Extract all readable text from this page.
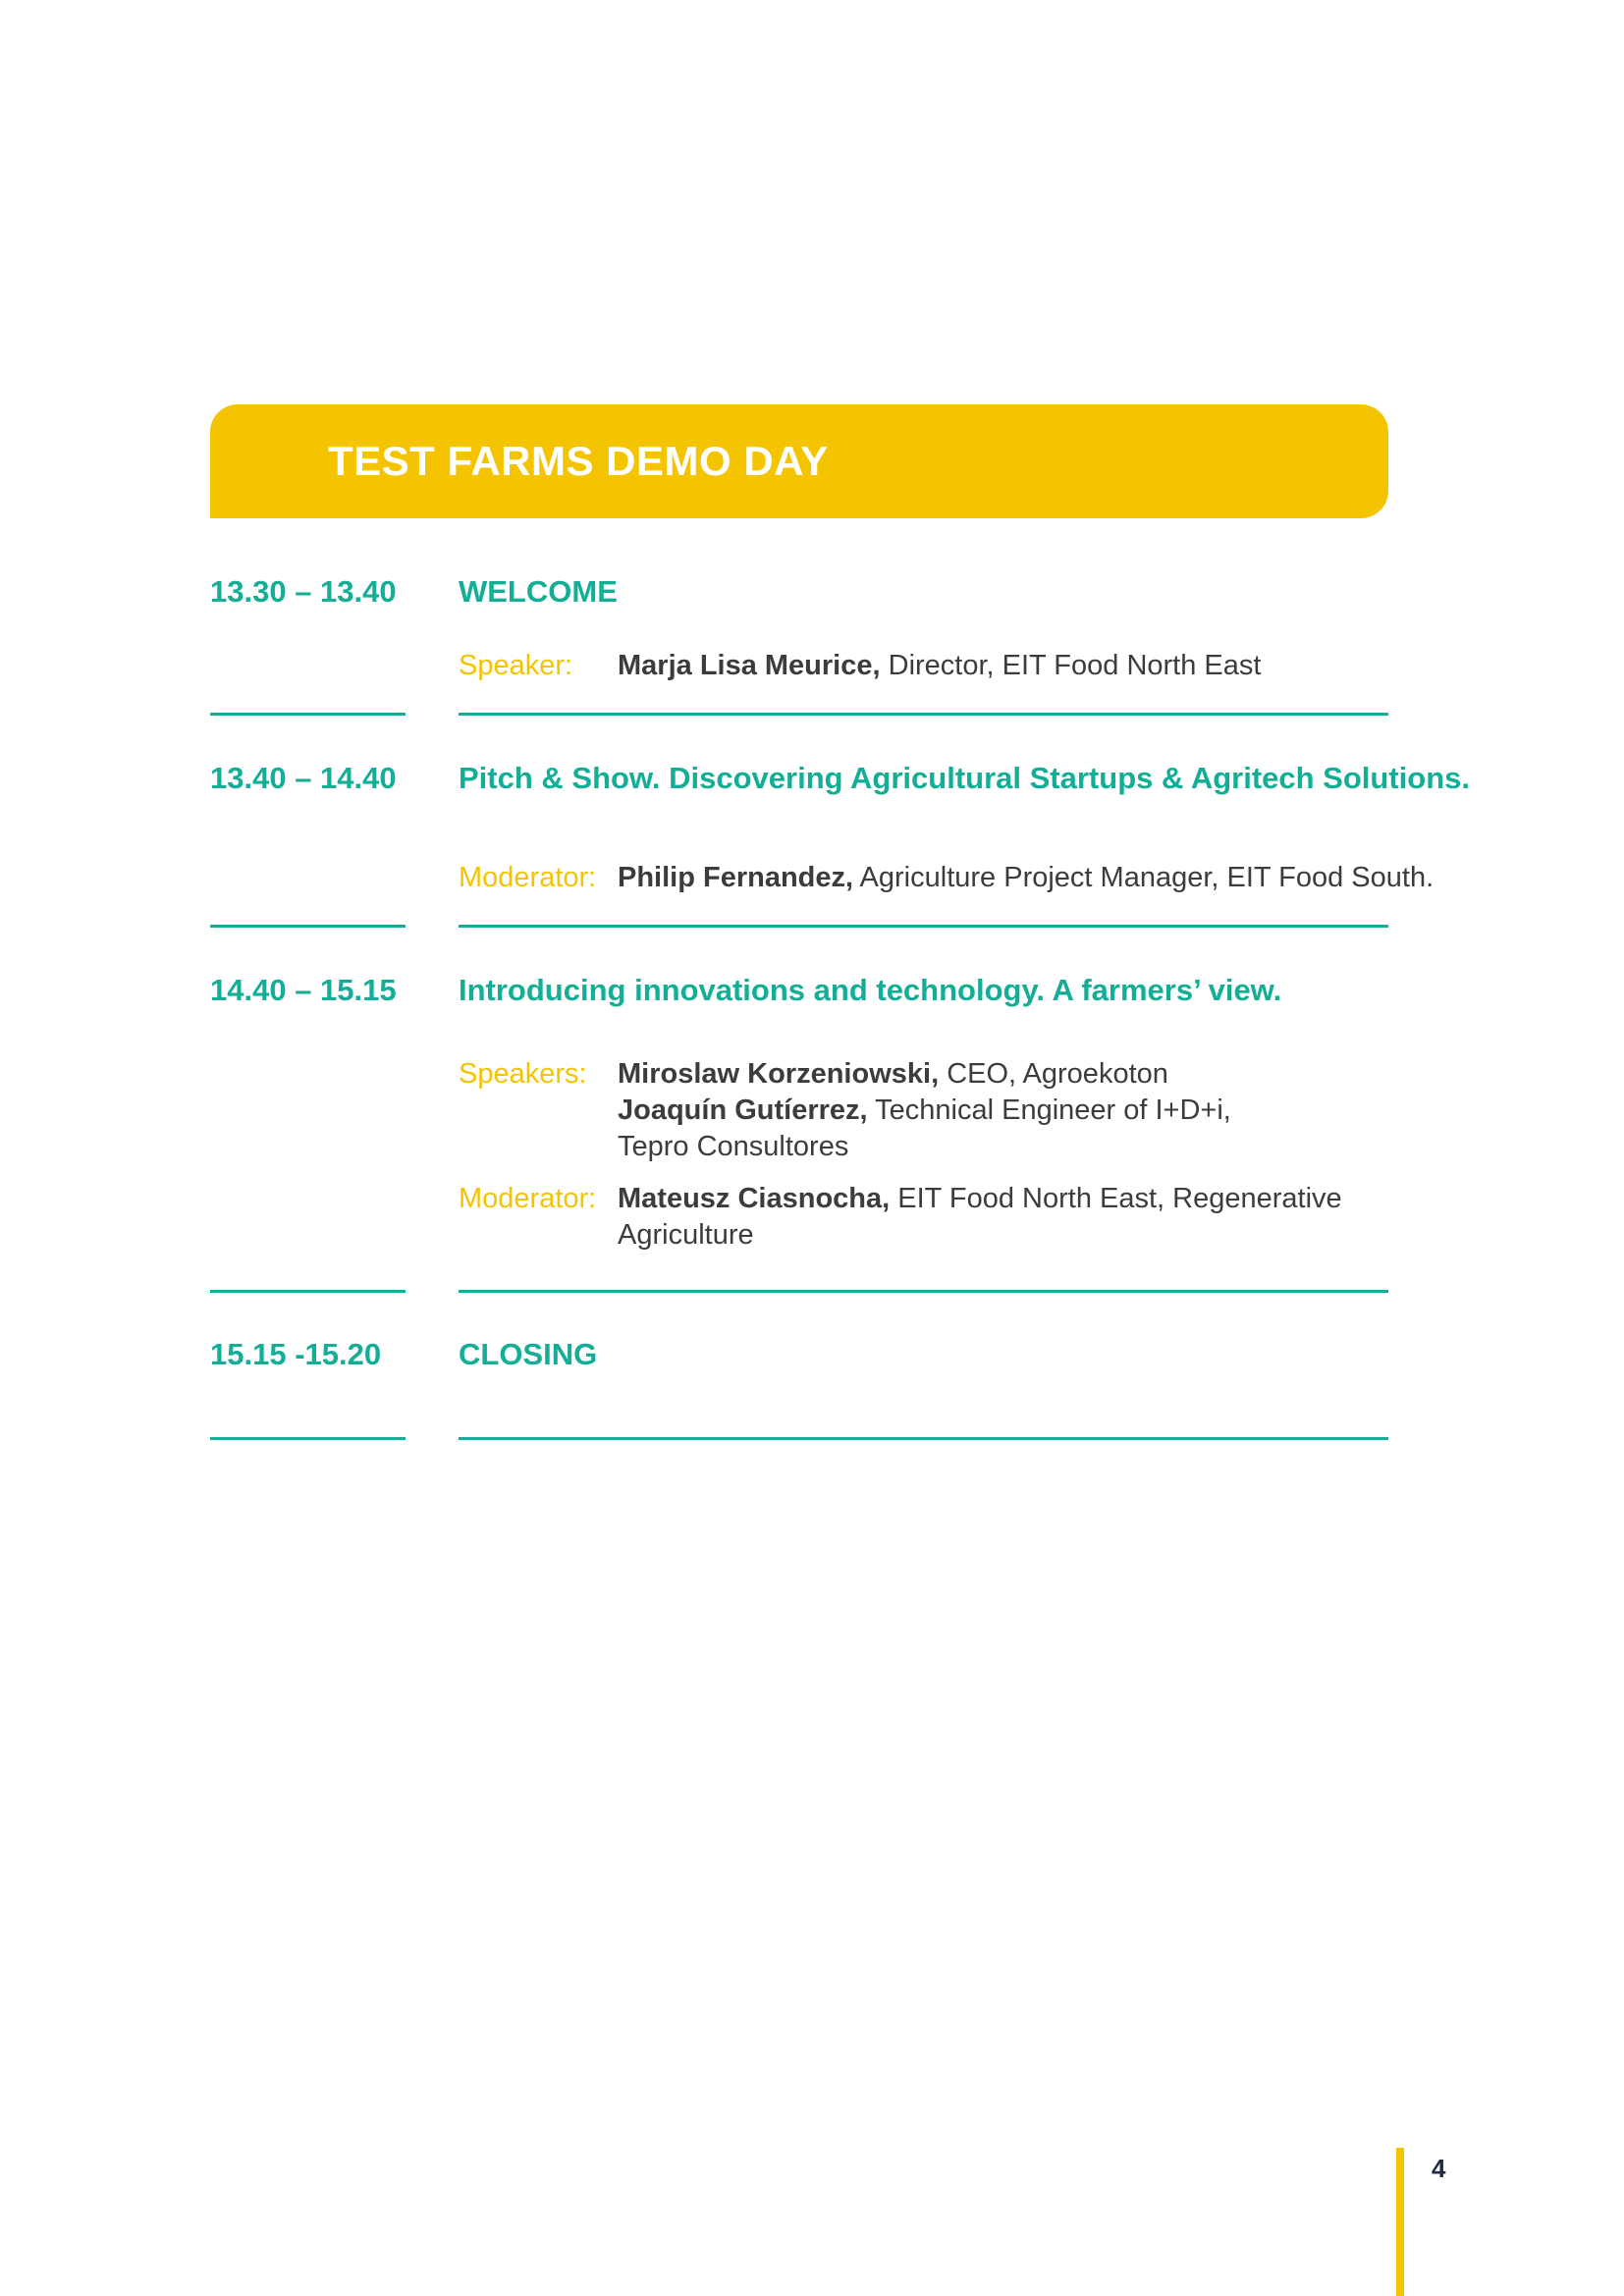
TEST FARMS DEMO DAY
13.30 – 13.40 WELCOME
Speaker: Marja Lisa Meurice, Director, EIT Food North East
13.40 – 14.40 Pitch & Show. Discovering Agricultural Startups & Agritech Solutions.
Moderator: Philip Fernandez, Agriculture Project Manager, EIT Food South.
14.40 – 15.15 Introducing innovations and technology. A farmers’ view.
Speakers: Miroslaw Korzeniowski, CEO, Agroekoton
Joaquín Gutíerrez, Technical Engineer of I+D+i,
Tepro Consultores
Moderator: Mateusz Ciasnocha, EIT Food North East, Regenerative
Agriculture
15.15 -15.20	CLOSING
4
